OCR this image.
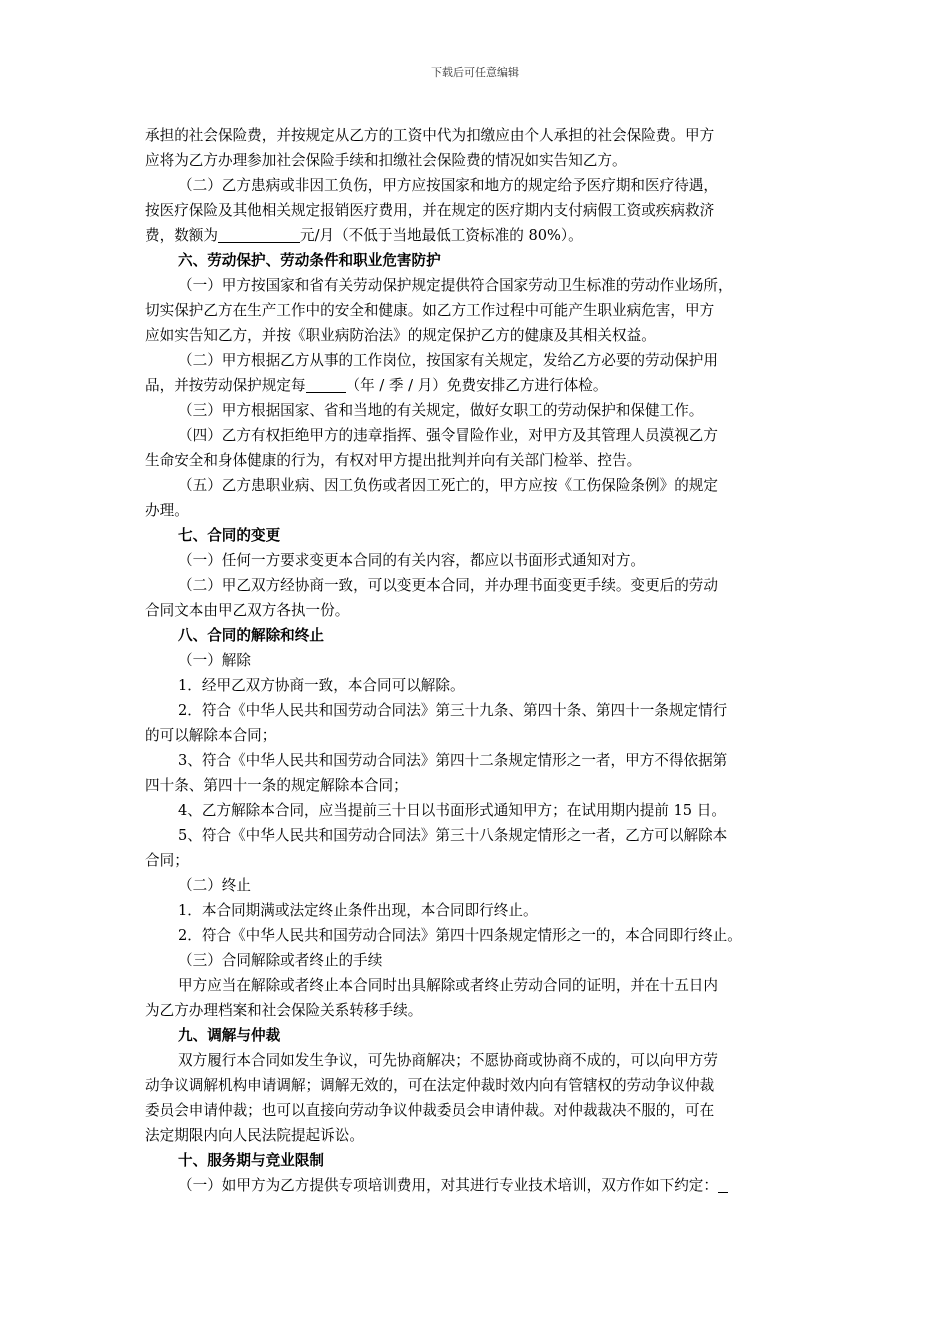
下载后可任意编辑
承担的社会保险费，并按规定从乙方的工资中代为扣缴应由个人承担的社会保险费。甲方
应将为乙方办理参加社会保险手续和扣缴社会保险费的情况如实告知乙方。
（二）乙方患病或非因工负伤，甲方应按国家和地方的规定给予医疗期和医疗待遇，
按医疗保险及其他相关规定报销医疗费用，并在规定的医疗期内支付病假工资或疾病救济
费，数额为	元/月（不低于当地最低工资标准的 80%）。
六、劳动保护、劳动条件和职业危害防护
（一）甲方按国家和省有关劳动保护规定提供符合国家劳动卫生标准的劳动作业场所，
切实保护乙方在生产工作中的安全和健康。如乙方工作过程中可能产生职业病危害，甲方
应如实告知乙方，并按《职业病防治法》的规定保护乙方的健康及其相关权益。
（二）甲方根据乙方从事的工作岗位，按国家有关规定，发给乙方必要的劳动保护用
品，并按劳动保护规定每	（年 / 季 / 月）免费安排乙方进行体检。
（三）甲方根据国家、省和当地的有关规定，做好女职工的劳动保护和保健工作。
（四）乙方有权拒绝甲方的违章指挥、强令冒险作业，对甲方及其管理人员漠视乙方
生命安全和身体健康的行为，有权对甲方提出批判并向有关部门检举、控告。
（五）乙方患职业病、因工负伤或者因工死亡的，甲方应按《工伤保险条例》的规定
办理。
七、合同的变更
（一）任何一方要求变更本合同的有关内容，都应以书面形式通知对方。
（二）甲乙双方经协商一致，可以变更本合同，并办理书面变更手续。变更后的劳动
合同文本由甲乙双方各执一份。
八、合同的解除和终止
（一）解除
1．经甲乙双方协商一致，本合同可以解除。
2．符合《中华人民共和国劳动合同法》第三十九条、第四十条、第四十一条规定情行
的可以解除本合同；
3、符合《中华人民共和国劳动合同法》第四十二条规定情形之一者，甲方不得依据第
四十条、第四十一条的规定解除本合同；
4、乙方解除本合同，应当提前三十日以书面形式通知甲方；在试用期内提前 15 日。
5、符合《中华人民共和国劳动合同法》第三十八条规定情形之一者，乙方可以解除本
合同；
（二）终止
1．本合同期满或法定终止条件出现，本合同即行终止。
2．符合《中华人民共和国劳动合同法》第四十四条规定情形之一的，本合同即行终止。
（三）合同解除或者终止的手续
甲方应当在解除或者终止本合同时出具解除或者终止劳动合同的证明，并在十五日内
为乙方办理档案和社会保险关系转移手续。
九、调解与仲裁
双方履行本合同如发生争议，可先协商解决；不愿协商或协商不成的，可以向甲方劳
动争议调解机构申请调解；调解无效的，可在法定仲裁时效内向有管辖权的劳动争议仲裁
委员会申请仲裁；也可以直接向劳动争议仲裁委员会申请仲裁。对仲裁裁决不服的，可在
法定期限内向人民法院提起诉讼。
十、服务期与竞业限制
（一）如甲方为乙方提供专项培训费用，对其进行专业技术培训，双方作如下约定：
